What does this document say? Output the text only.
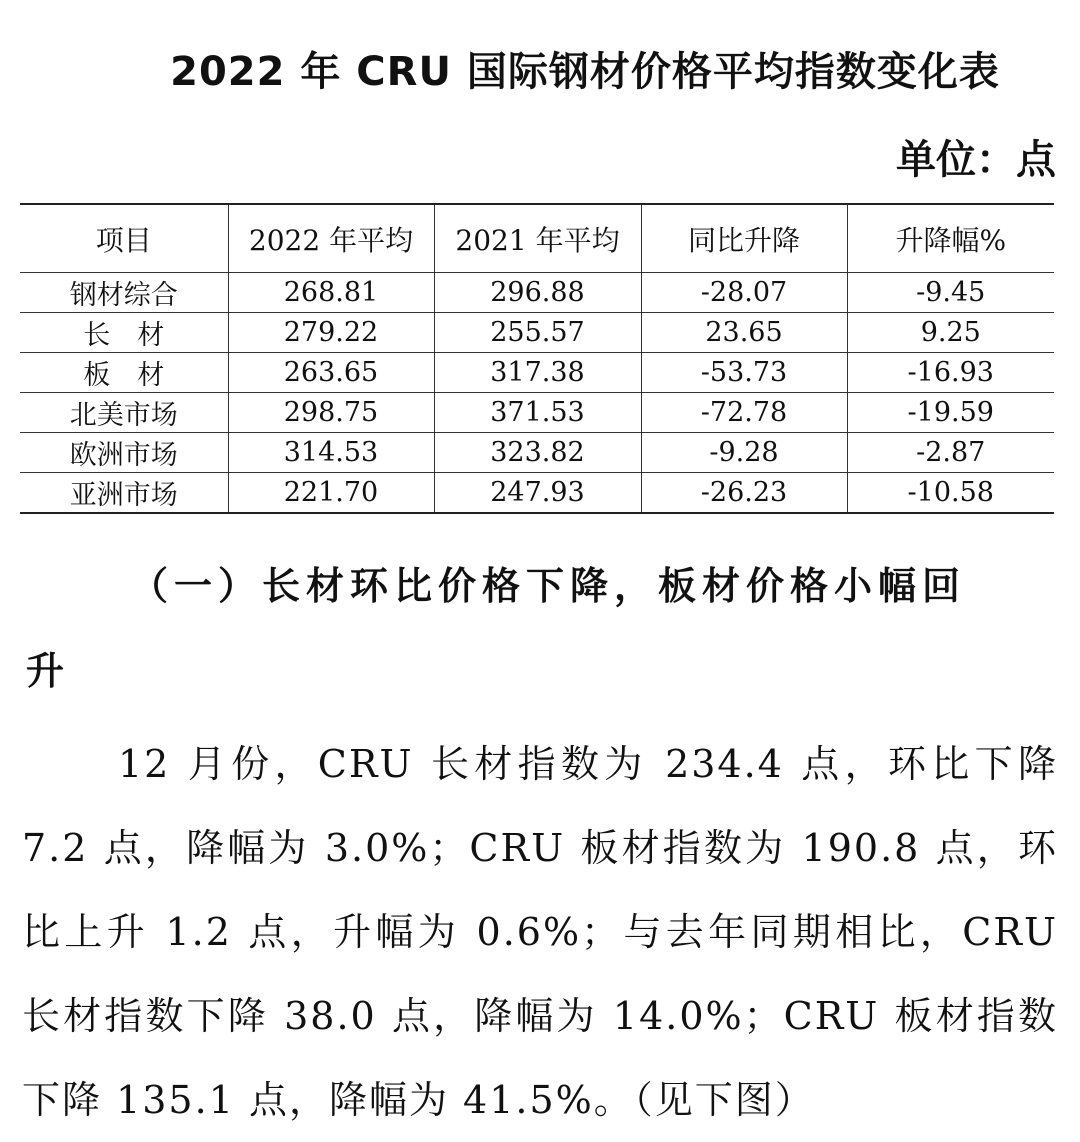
2022 年 CRU 国际钢材价格平均指数变化表
单位：点
项目	2022 年平均	2021 年平均	同比升降	升降幅%
钢材综合	268.81	296.88	-28.07	-9.45
长　材	279.22	255.57	23.65	9.25
板　材	263.65	317.38	-53.73	-16.93
北美市场	298.75	371.53	-72.78	-19.59
欧洲市场	314.53	323.82	-9.28	-2.87
亚洲市场	221.70	247.93	-26.23	-10.58
（一）长材环比价格下降，板材价格小幅回
升

12 月份，CRU 长材指数为 234.4 点，环比下降 7.2 点，降幅为 3.0%；CRU 板材指数为 190.8 点，环比上升 1.2 点，升幅为 0.6%；与去年同期相比，CRU 长材指数下降 38.0 点，降幅为 14.0%；CRU 板材指数下降 135.1 点，降幅为 41.5%。（见下图）
